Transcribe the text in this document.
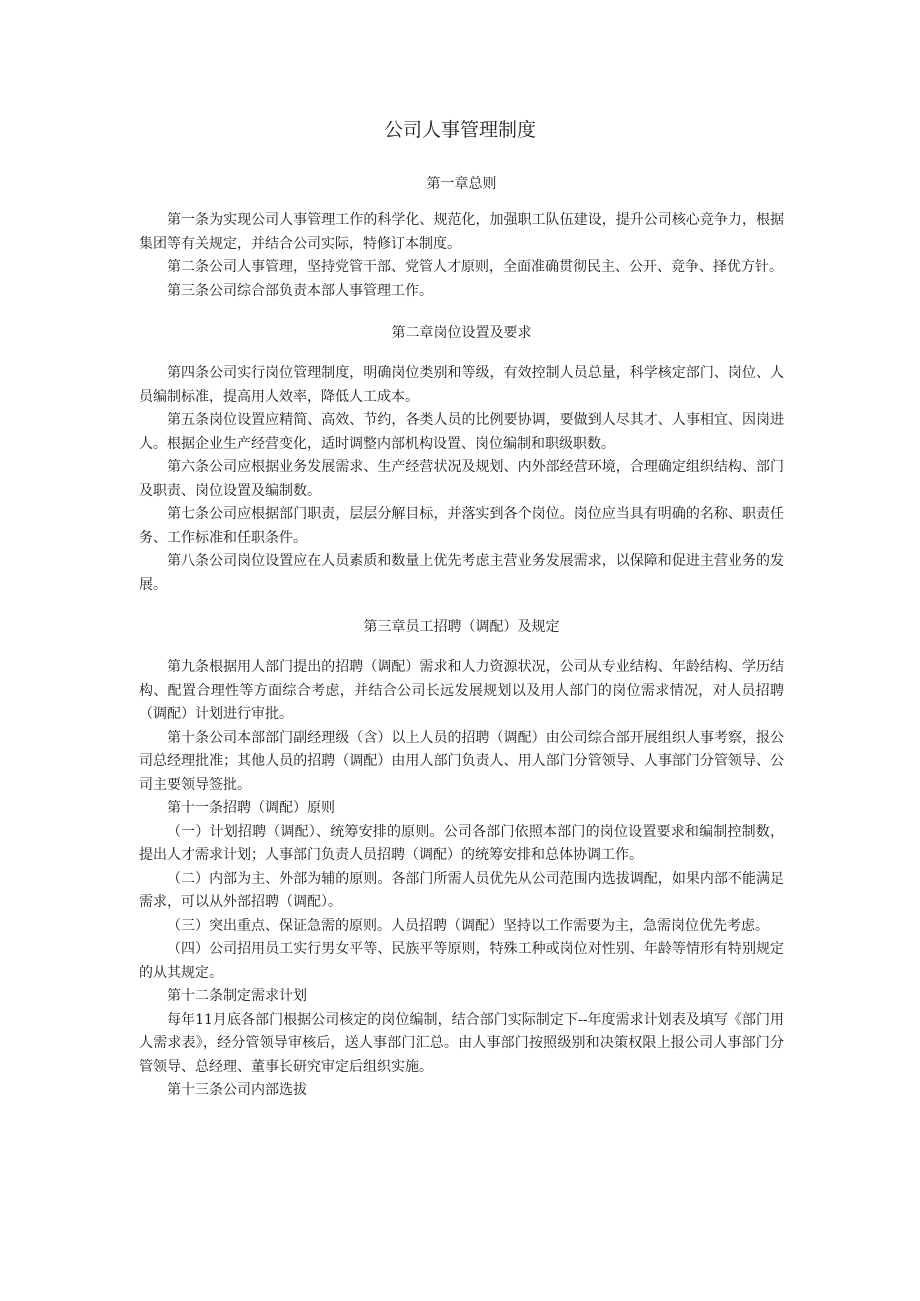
公司人事管理制度

第一章总则

第一条为实现公司人事管理工作的科学化、规范化，加强职工队伍建设，提升公司核心竞争力，根据集团等有关规定，并结合公司实际，特修订本制度。

第二条公司人事管理，坚持党管干部、党管人才原则，全面准确贯彻民主、公开、竞争、择优方针。

第三条公司综合部负责本部人事管理工作。

第二章岗位设置及要求

第四条公司实行岗位管理制度，明确岗位类别和等级，有效控制人员总量，科学核定部门、岗位、人员编制标准，提高用人效率，降低人工成本。

第五条岗位设置应精简、高效、节约，各类人员的比例要协调，要做到人尽其才、人事相宜、因岗进人。根据企业生产经营变化，适时调整内部机构设置、岗位编制和职级职数。

第六条公司应根据业务发展需求、生产经营状况及规划、内外部经营环境，合理确定组织结构、部门及职责、岗位设置及编制数。

第七条公司应根据部门职责，层层分解目标，并落实到各个岗位。岗位应当具有明确的名称、职责任务、工作标准和任职条件。

第八条公司岗位设置应在人员素质和数量上优先考虑主营业务发展需求，以保障和促进主营业务的发展。

第三章员工招聘（调配）及规定

第九条根据用人部门提出的招聘（调配）需求和人力资源状况，公司从专业结构、年龄结构、学历结构、配置合理性等方面综合考虑，并结合公司长远发展规划以及用人部门的岗位需求情况，对人员招聘（调配）计划进行审批。

第十条公司本部部门副经理级（含）以上人员的招聘（调配）由公司综合部开展组织人事考察，报公司总经理批准；其他人员的招聘（调配）由用人部门负责人、用人部门分管领导、人事部门分管领导、公司主要领导签批。

第十一条招聘（调配）原则

（一）计划招聘（调配）、统筹安排的原则。公司各部门依照本部门的岗位设置要求和编制控制数，提出人才需求计划；人事部门负责人员招聘（调配）的统筹安排和总体协调工作。

（二）内部为主、外部为辅的原则。各部门所需人员优先从公司范围内选拔调配，如果内部不能满足需求，可以从外部招聘（调配）。

（三）突出重点、保证急需的原则。人员招聘（调配）坚持以工作需要为主，急需岗位优先考虑。

（四）公司招用员工实行男女平等、民族平等原则，特殊工种或岗位对性别、年龄等情形有特别规定的从其规定。

第十二条制定需求计划

每年11月底各部门根据公司核定的岗位编制，结合部门实际制定下--年度需求计划表及填写《部门用人需求表》，经分管领导审核后，送人事部门汇总。由人事部门按照级别和决策权限上报公司人事部门分管领导、总经理、董事长研究审定后组织实施。

第十三条公司内部选拔
